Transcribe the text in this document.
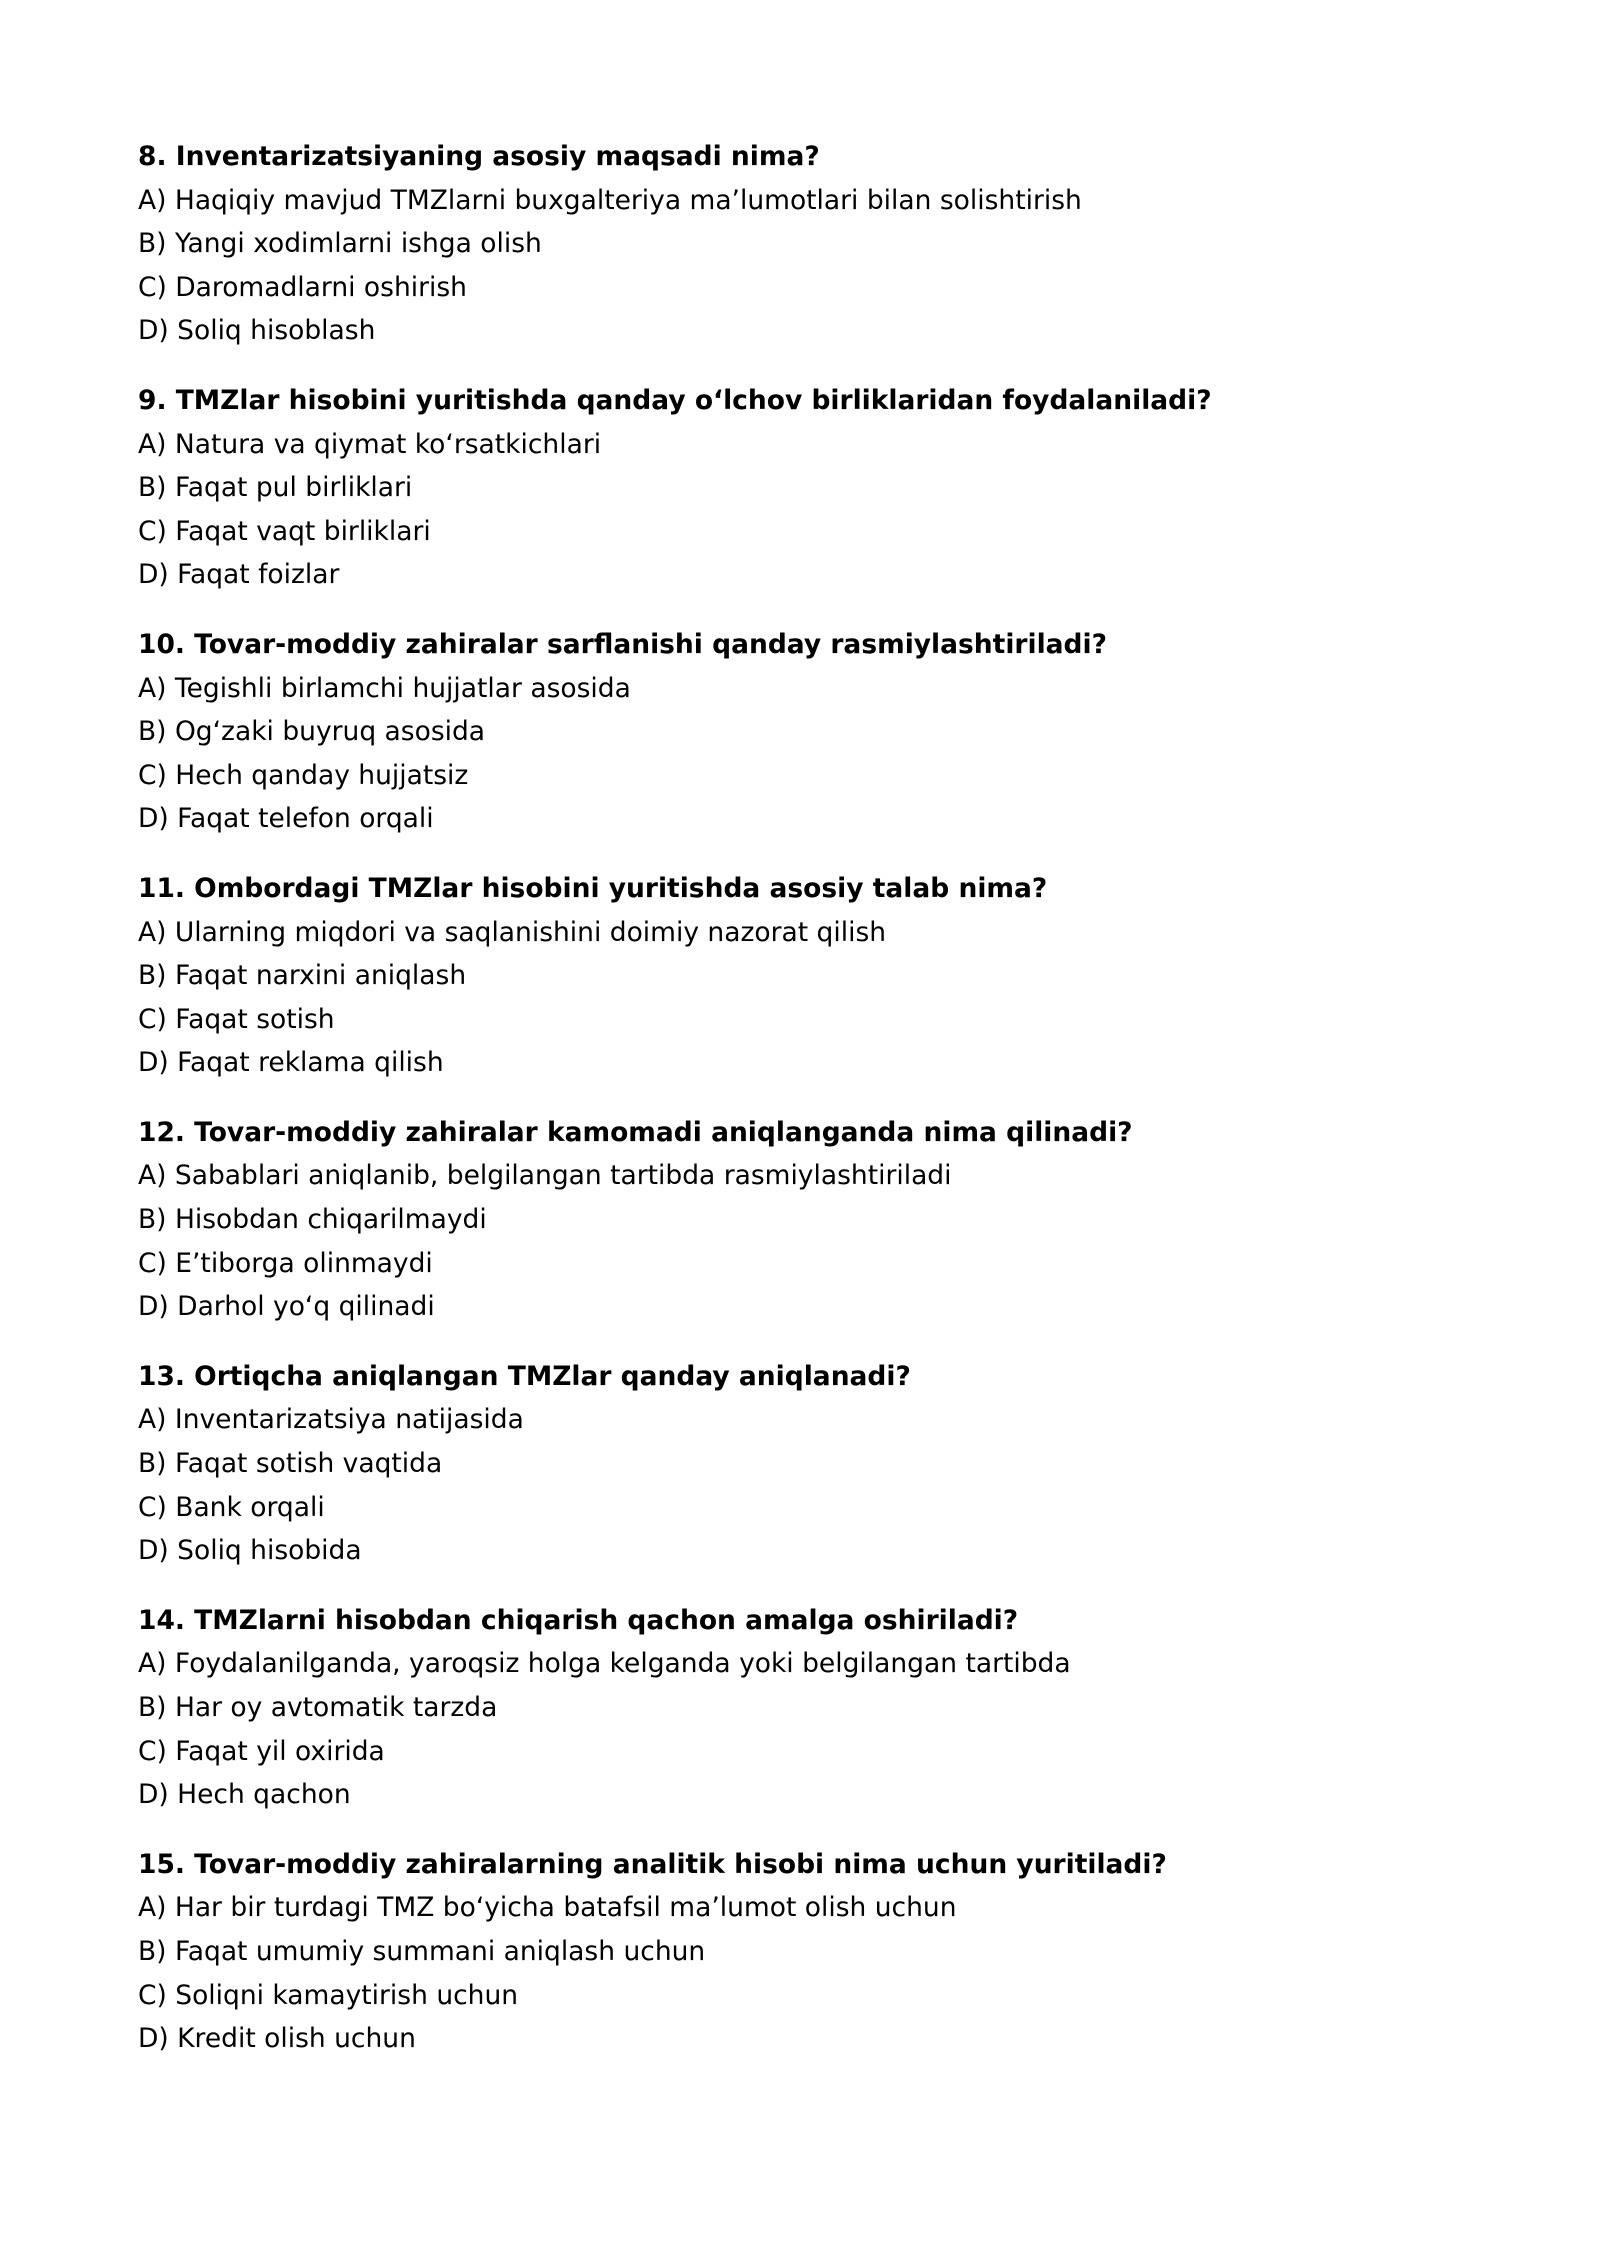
8. Inventarizatsiyaning asosiy maqsadi nima?
A) Haqiqiy mavjud TMZlarni buxgalteriya ma’lumotlari bilan solishtirish
B) Yangi xodimlarni ishga olish
C) Daromadlarni oshirish
D) Soliq hisoblash
9. TMZlar hisobini yuritishda qanday o‘lchov birliklaridan foydalaniladi?
A) Natura va qiymat ko‘rsatkichlari
B) Faqat pul birliklari
C) Faqat vaqt birliklari
D) Faqat foizlar
10. Tovar-moddiy zahiralar sarflanishi qanday rasmiylashtiriladi?
A) Tegishli birlamchi hujjatlar asosida
B) Og‘zaki buyruq asosida
C) Hech qanday hujjatsiz
D) Faqat telefon orqali
11. Ombordagi TMZlar hisobini yuritishda asosiy talab nima?
A) Ularning miqdori va saqlanishini doimiy nazorat qilish
B) Faqat narxini aniqlash
C) Faqat sotish
D) Faqat reklama qilish
12. Tovar-moddiy zahiralar kamomadi aniqlanganda nima qilinadi?
A) Sabablari aniqlanib, belgilangan tartibda rasmiylashtiriladi
B) Hisobdan chiqarilmaydi
C) E’tiborga olinmaydi
D) Darhol yo‘q qilinadi
13. Ortiqcha aniqlangan TMZlar qanday aniqlanadi?
A) Inventarizatsiya natijasida
B) Faqat sotish vaqtida
C) Bank orqali
D) Soliq hisobida
14. TMZlarni hisobdan chiqarish qachon amalga oshiriladi?
A) Foydalanilganda, yaroqsiz holga kelganda yoki belgilangan tartibda
B) Har oy avtomatik tarzda
C) Faqat yil oxirida
D) Hech qachon
15. Tovar-moddiy zahiralarning analitik hisobi nima uchun yuritiladi?
A) Har bir turdagi TMZ bo‘yicha batafsil ma’lumot olish uchun
B) Faqat umumiy summani aniqlash uchun
C) Soliqni kamaytirish uchun
D) Kredit olish uchun
